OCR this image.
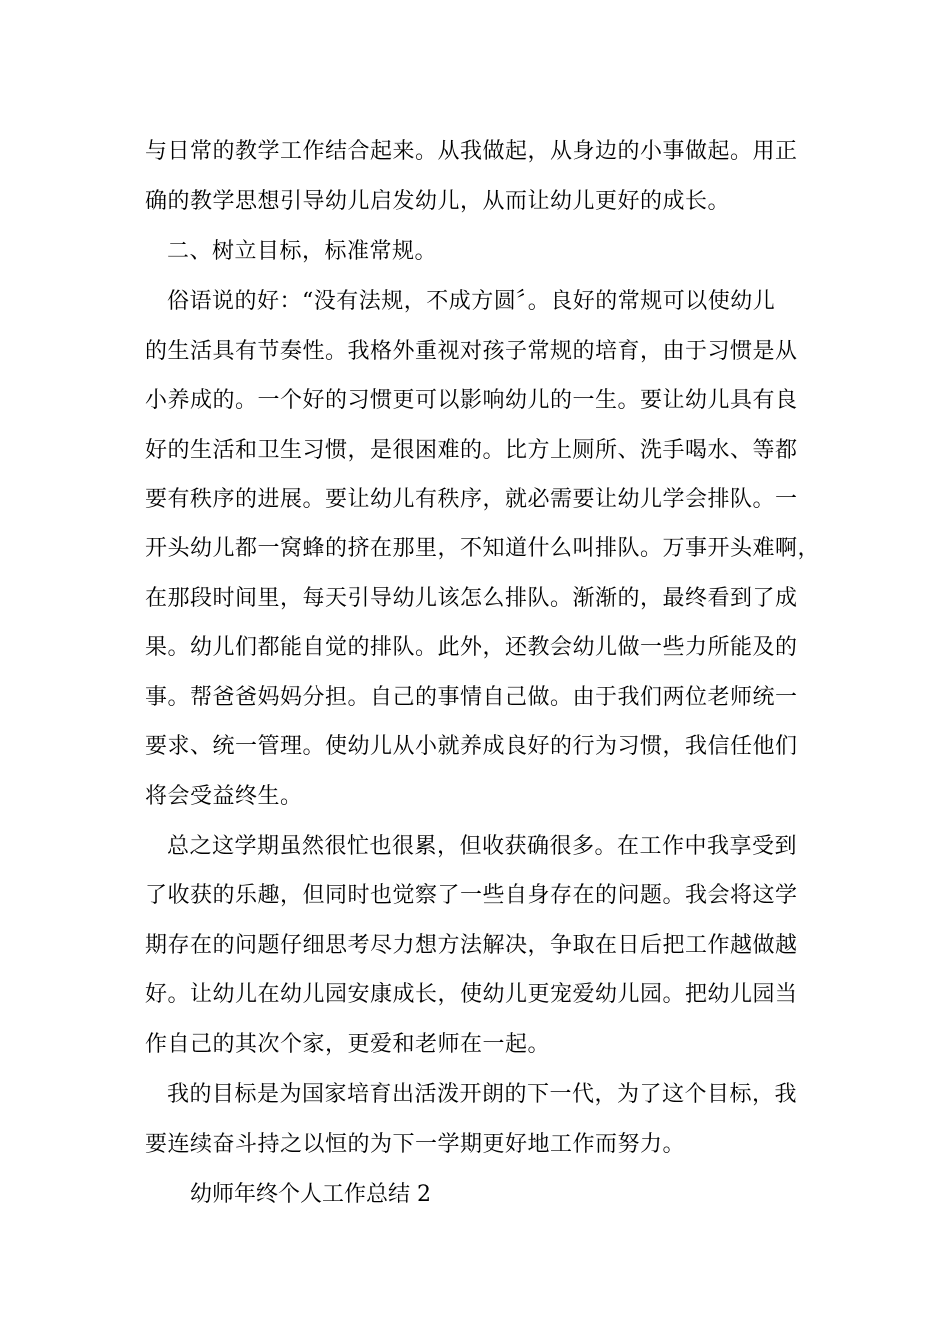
与日常的教学工作结合起来。从我做起，从身边的小事做起。用正
确的教学思想引导幼儿启发幼儿，从而让幼儿更好的成长。
二、树立目标，标准常规。
俗语说的好：“没有法规，不成方圆〞。良好的常规可以使幼儿
的生活具有节奏性。我格外重视对孩子常规的培育，由于习惯是从
小养成的。一个好的习惯更可以影响幼儿的一生。要让幼儿具有良
好的生活和卫生习惯，是很困难的。比方上厕所、洗手喝水、等都
要有秩序的进展。要让幼儿有秩序，就必需要让幼儿学会排队。一
开头幼儿都一窝蜂的挤在那里，不知道什么叫排队。万事开头难啊，
在那段时间里，每天引导幼儿该怎么排队。渐渐的，最终看到了成
果。幼儿们都能自觉的排队。此外，还教会幼儿做一些力所能及的
事。帮爸爸妈妈分担。自己的事情自己做。由于我们两位老师统一
要求、统一管理。使幼儿从小就养成良好的行为习惯，我信任他们
将会受益终生。
总之这学期虽然很忙也很累，但收获确很多。在工作中我享受到
了收获的乐趣，但同时也觉察了一些自身存在的问题。我会将这学
期存在的问题仔细思考尽力想方法解决，争取在日后把工作越做越
好。让幼儿在幼儿园安康成长，使幼儿更宠爱幼儿园。把幼儿园当
作自己的其次个家，更爱和老师在一起。
我的目标是为国家培育出活泼开朗的下一代，为了这个目标，我
要连续奋斗持之以恒的为下一学期更好地工作而努力。
幼师年终个人工作总结 2
